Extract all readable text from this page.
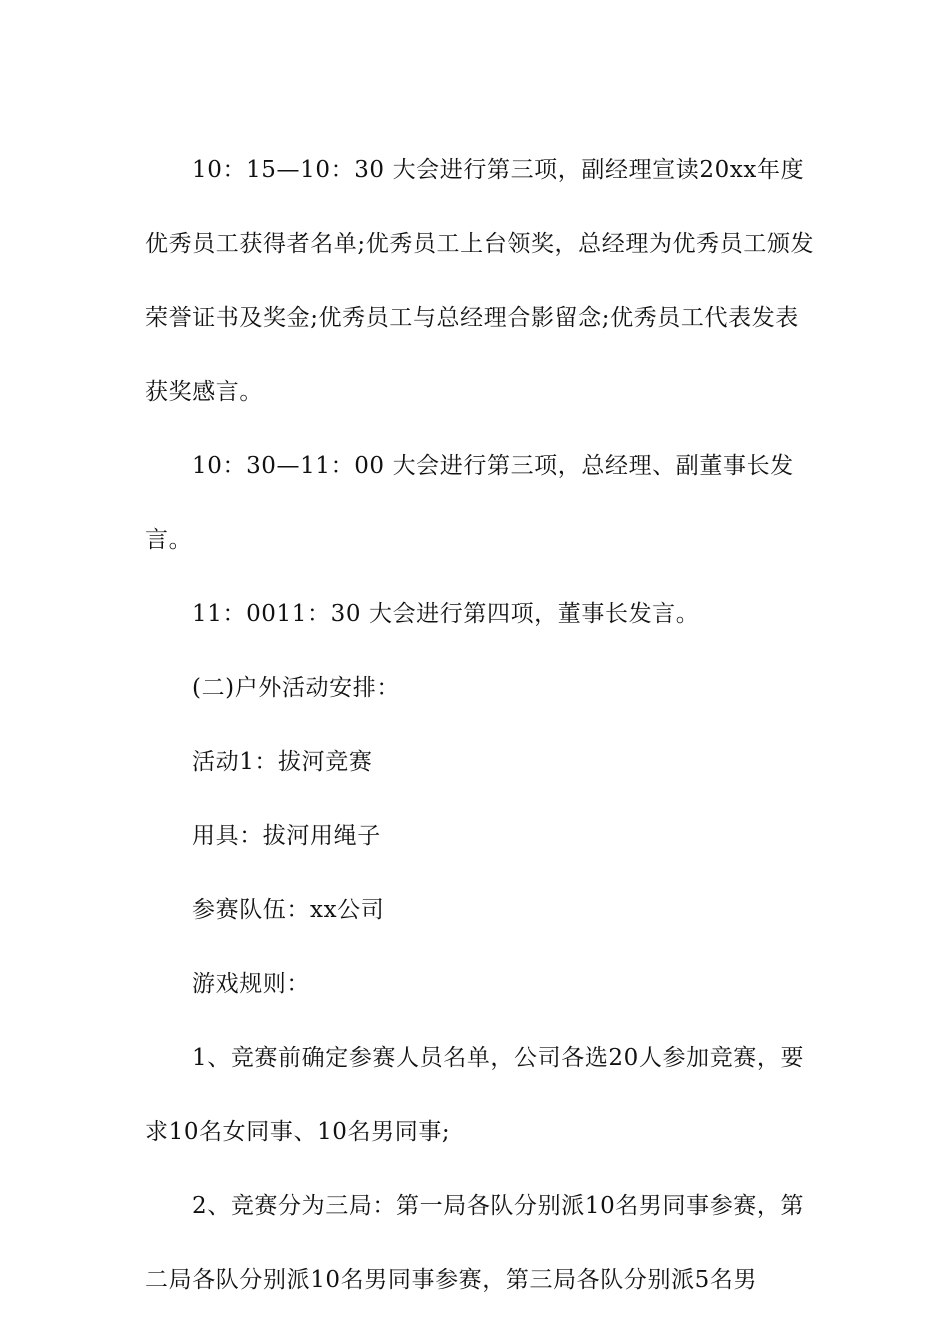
10：15—10：30 大会进行第三项，副经理宣读20xx年度优秀员工获得者名单;优秀员工上台领奖，总经理为优秀员工颁发荣誉证书及奖金;优秀员工与总经理合影留念;优秀员工代表发表获奖感言。

10：30—11：00 大会进行第三项，总经理、副董事长发言。

11：0011：30 大会进行第四项，董事长发言。

(二)户外活动安排：

活动1：拔河竞赛

用具：拔河用绳子

参赛队伍：xx公司

游戏规则：

1、竞赛前确定参赛人员名单，公司各选20人参加竞赛，要求10名女同事、10名男同事;

2、竞赛分为三局：第一局各队分别派10名男同事参赛，第二局各队分别派10名男同事参赛，第三局各队分别派5名男
